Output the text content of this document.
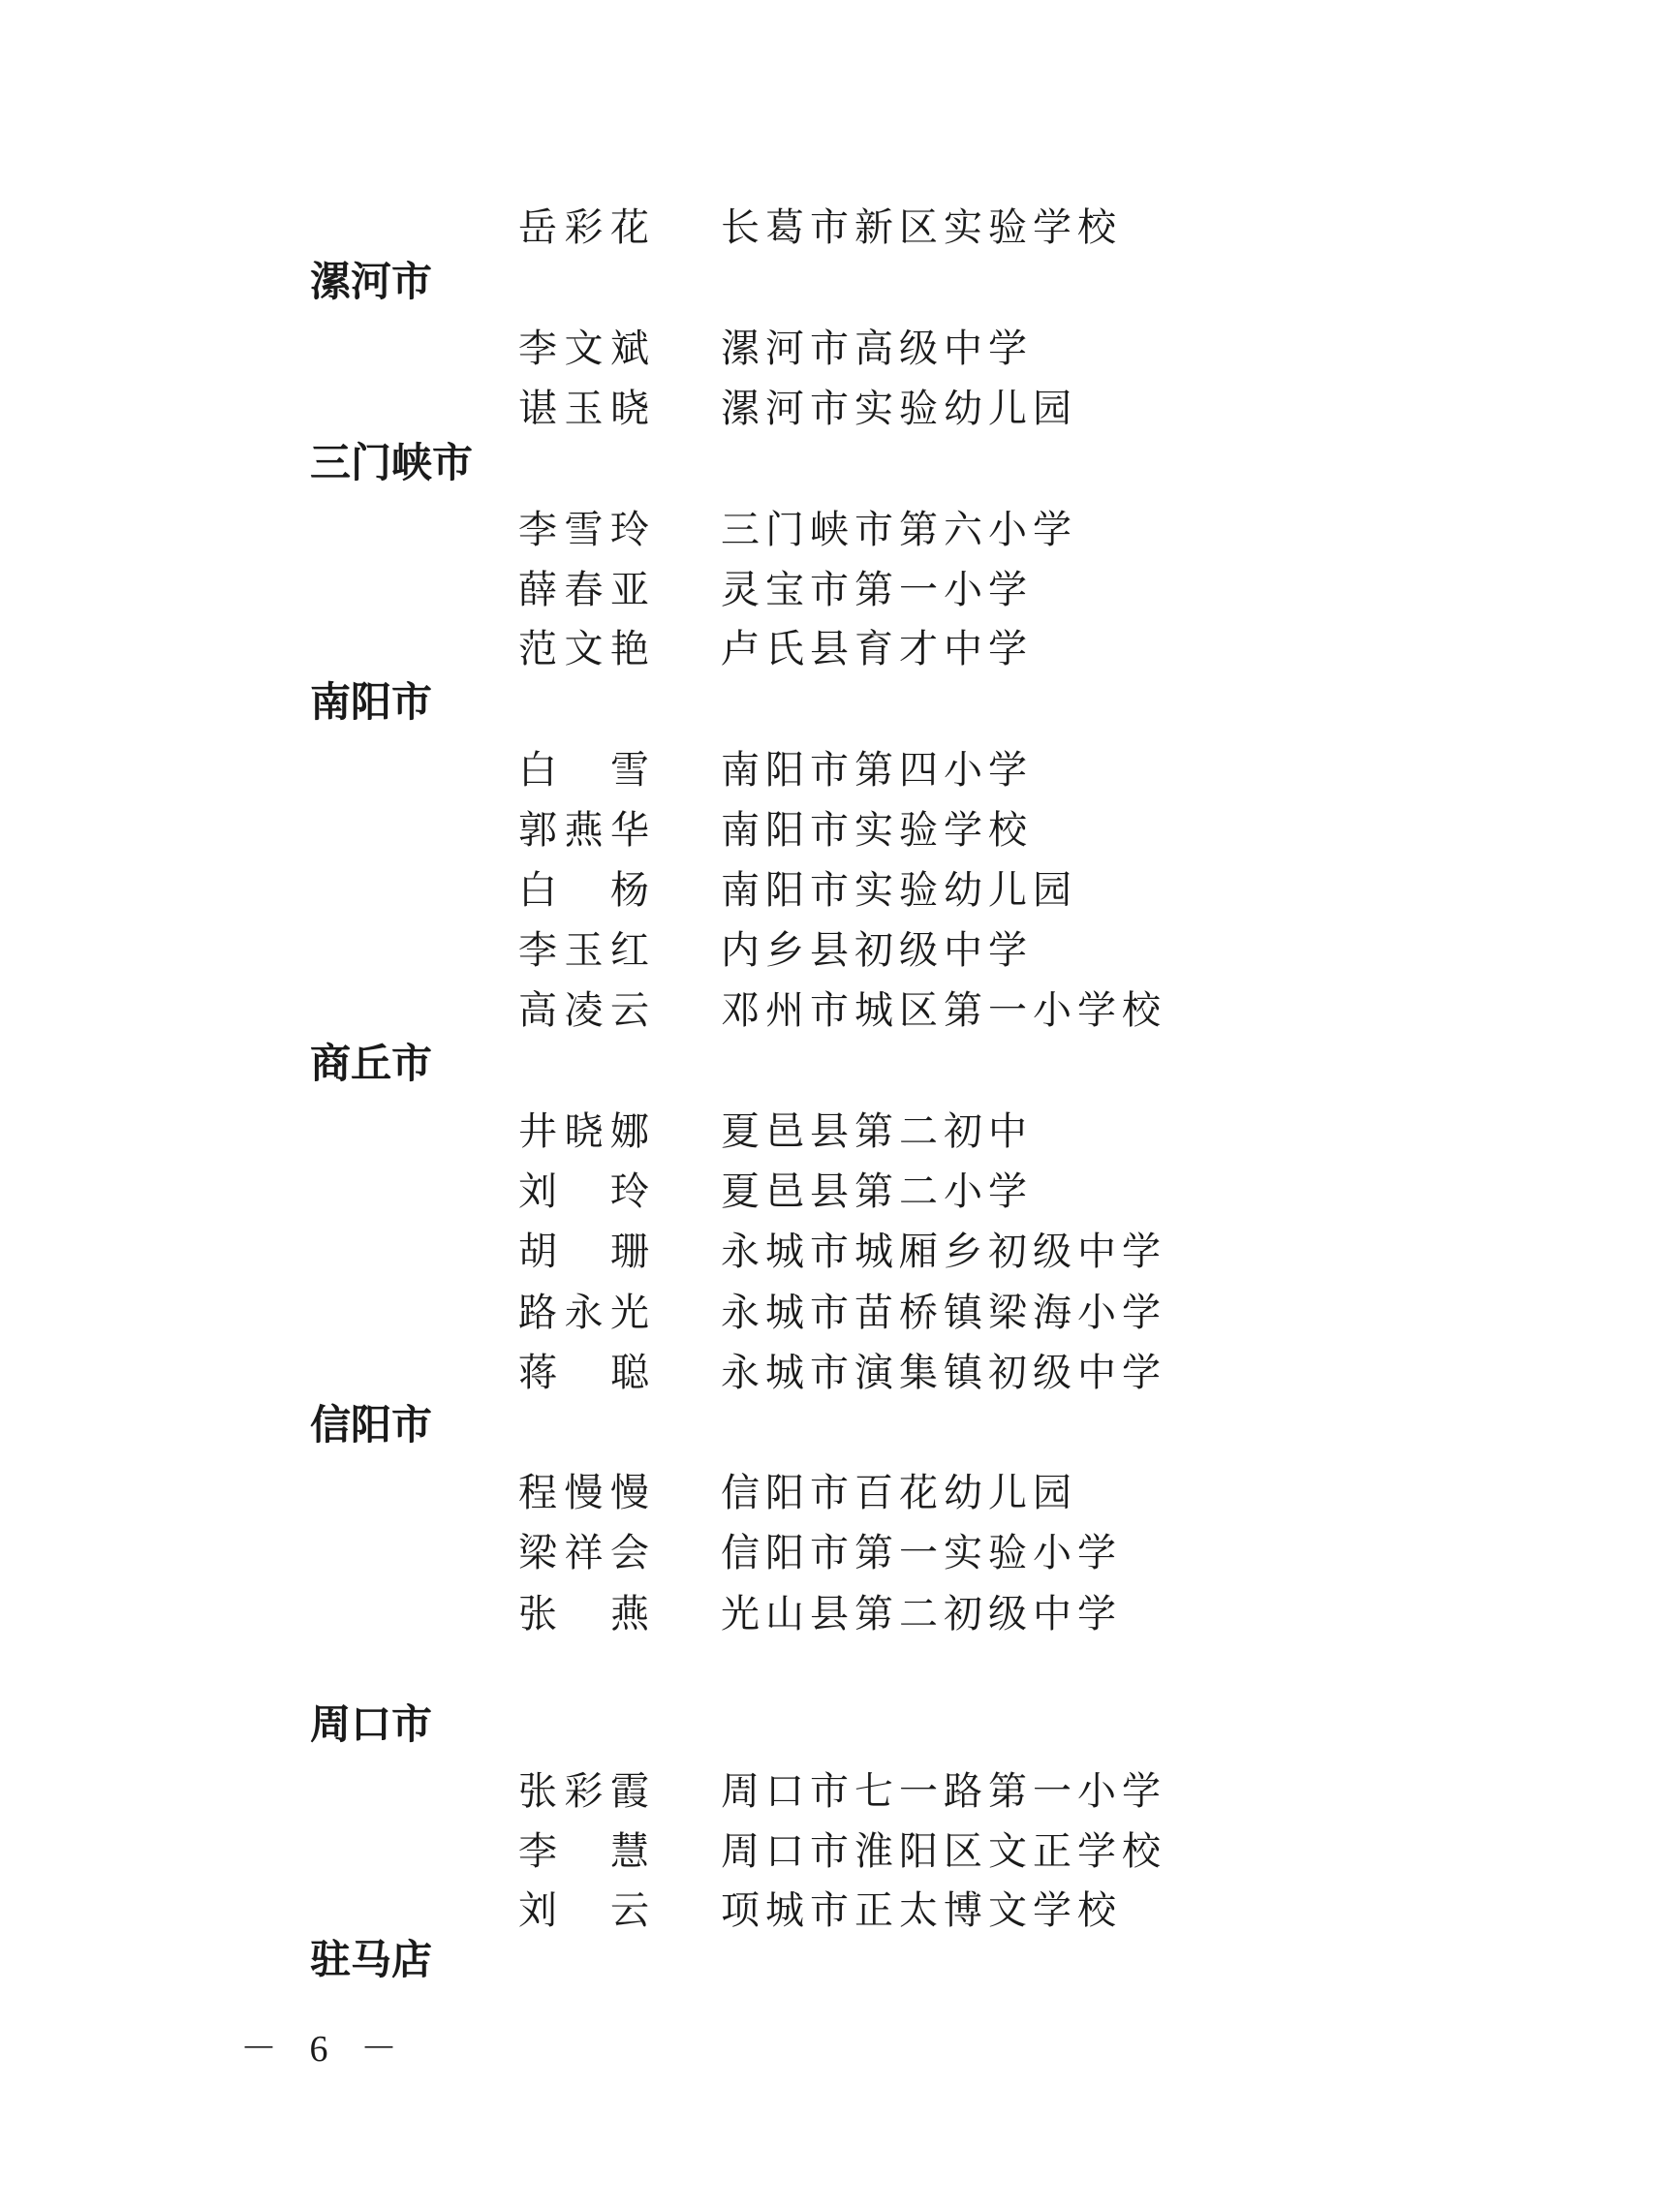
岳彩花 长葛市新区实验学校
漯河市
李文斌 漯河市高级中学
谌玉晓 漯河市实验幼儿园
三门峡市
李雪玲 三门峡市第六小学
薛春亚 灵宝市第一小学
范文艳 卢氏县育才中学
南阳市
白 雪 南阳市第四小学
郭燕华 南阳市实验学校
白 杨 南阳市实验幼儿园
李玉红 内乡县初级中学
高凌云 邓州市城区第一小学校
商丘市
井晓娜 夏邑县第二初中
刘 玲 夏邑县第二小学
胡 珊 永城市城厢乡初级中学
路永光 永城市苗桥镇梁海小学
蒋 聪 永城市演集镇初级中学
信阳市
程慢慢 信阳市百花幼儿园
梁祥会 信阳市第一实验小学
张 燕 光山县第二初级中学
周口市
张彩霞 周口市七一路第一小学
李 慧 周口市淮阳区文正学校
刘 云 项城市正太博文学校
驻马店
－ 6 －
